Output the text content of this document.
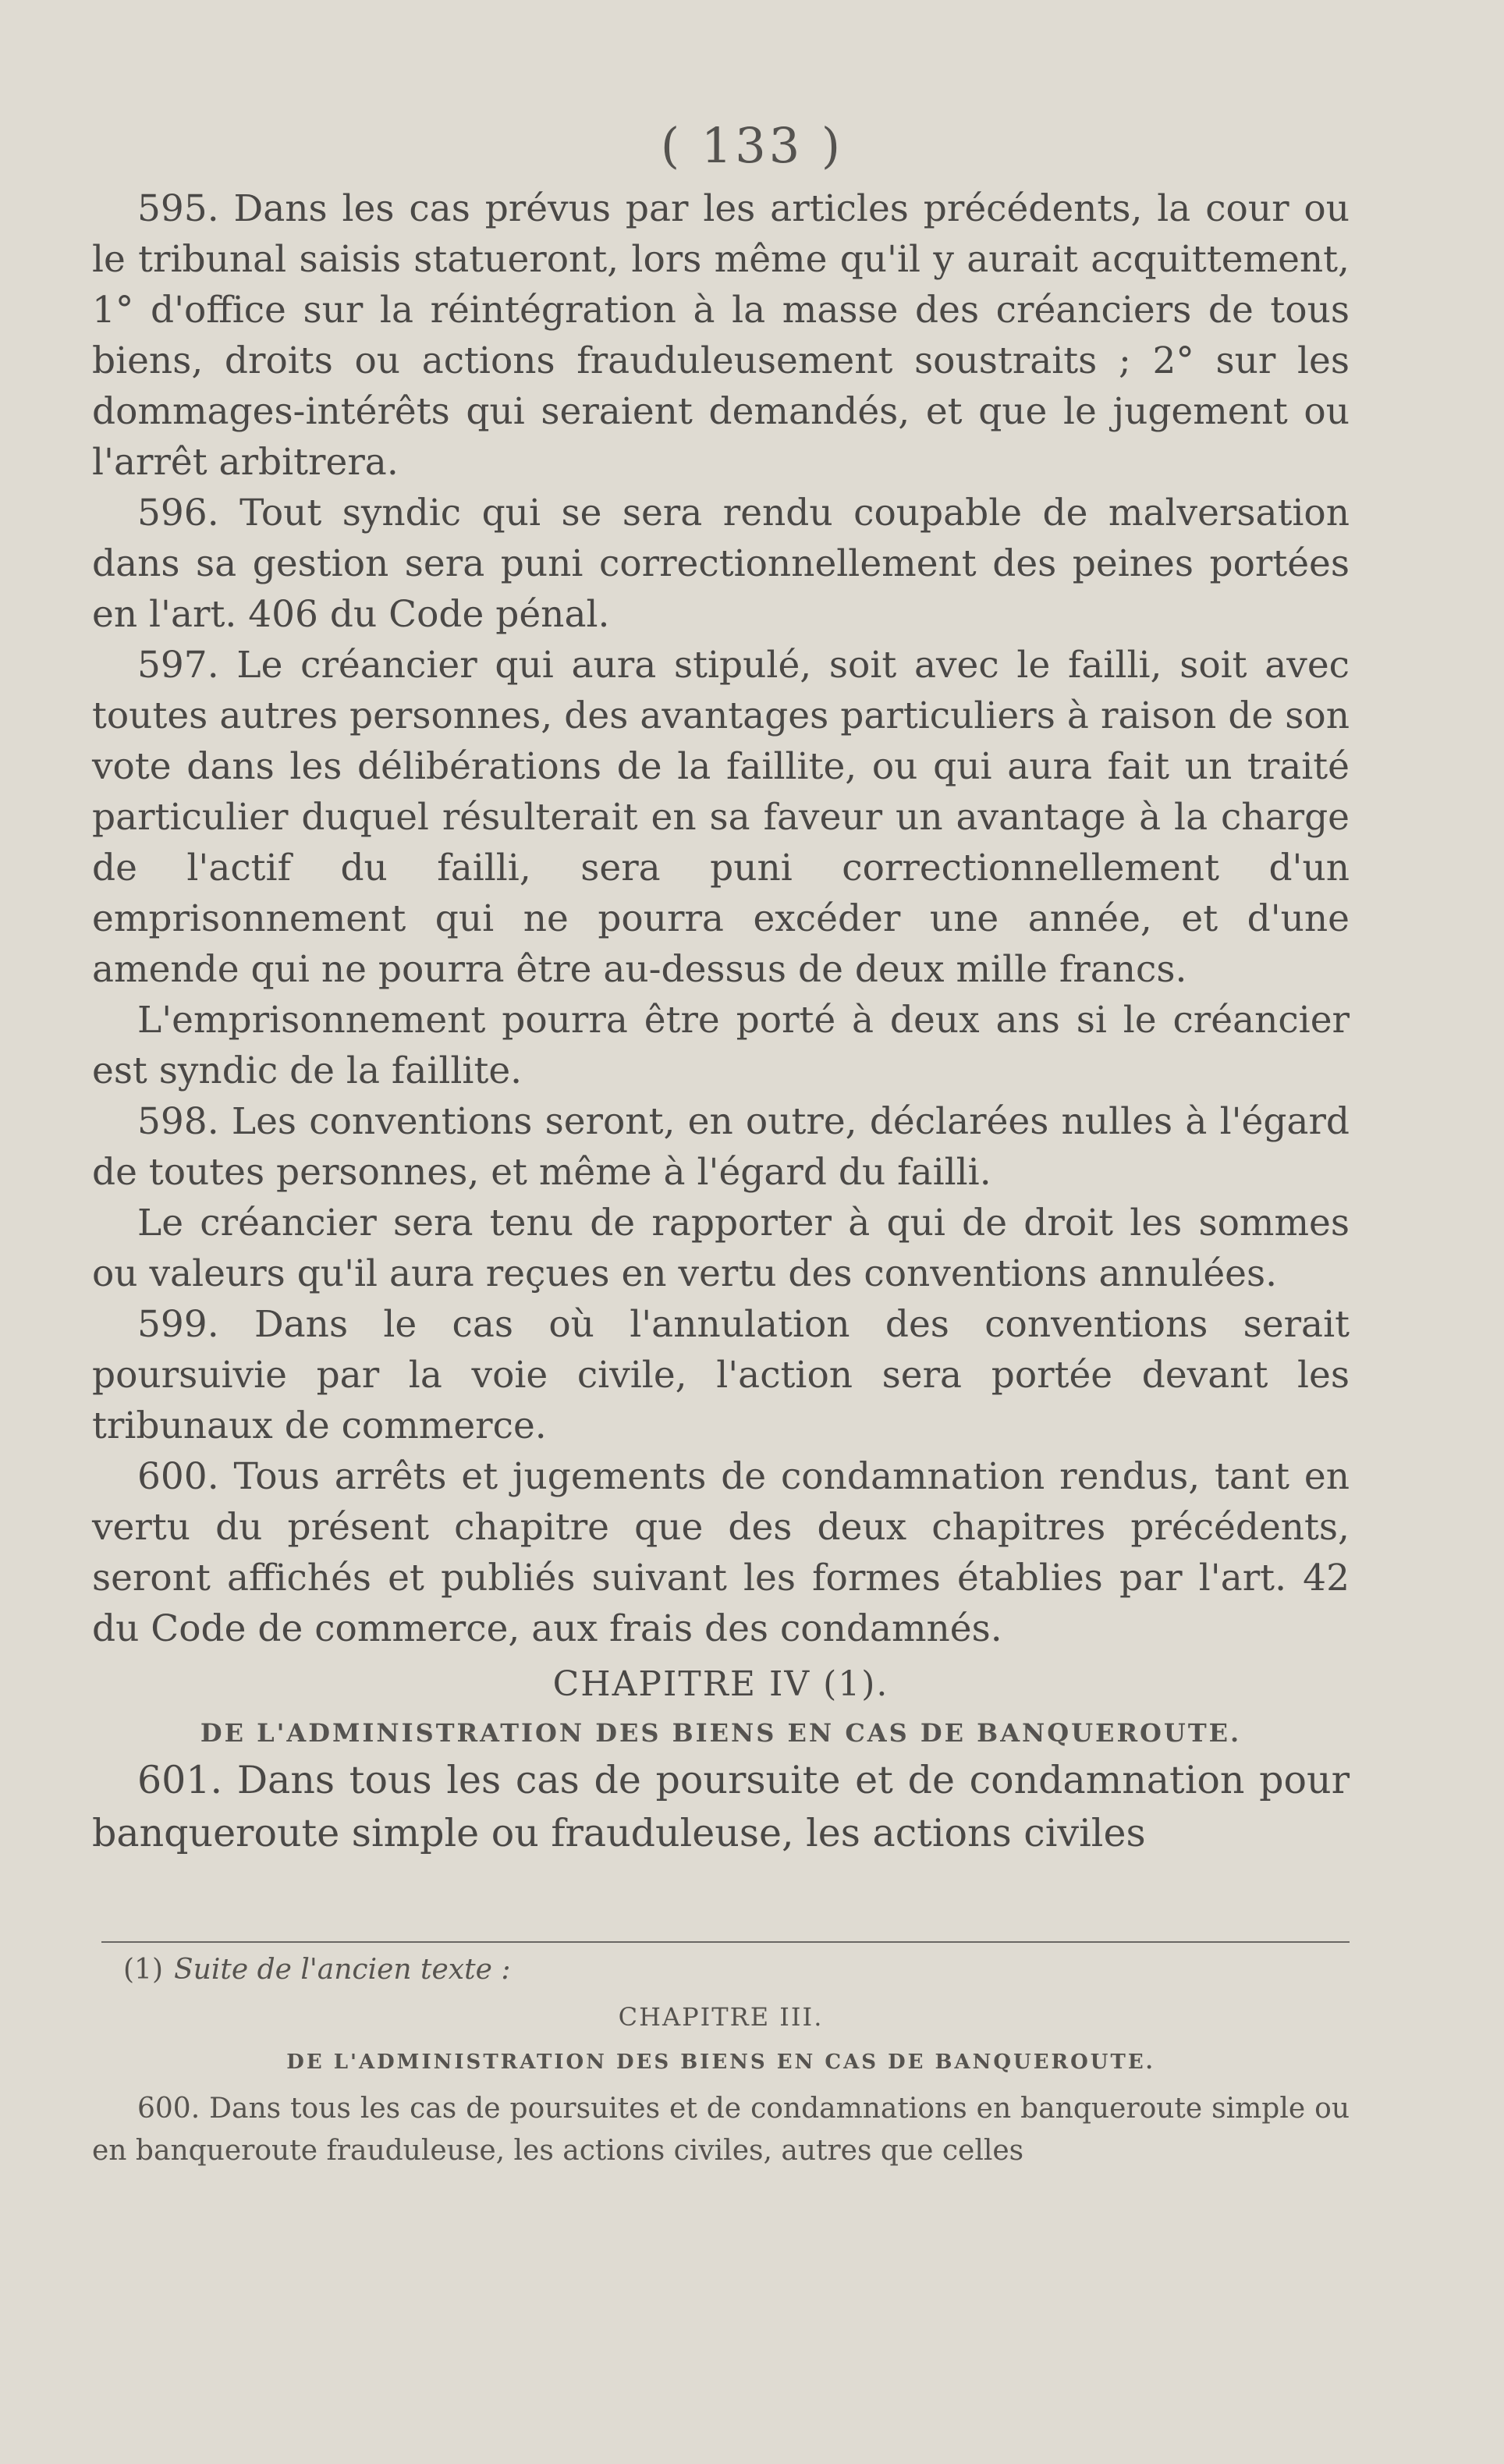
( 133 )

595. Dans les cas prévus par les articles précédents, la cour ou le tribunal saisis statueront, lors même qu'il y aurait acquittement, 1° d'office sur la réintégration à la masse des créanciers de tous biens, droits ou actions frauduleusement soustraits ; 2° sur les dommages-intérêts qui seraient demandés, et que le jugement ou l'arrêt arbitrera.

596. Tout syndic qui se sera rendu coupable de malversation dans sa gestion sera puni correctionnellement des peines portées en l'art. 406 du Code pénal.

597. Le créancier qui aura stipulé, soit avec le failli, soit avec toutes autres personnes, des avantages particuliers à raison de son vote dans les délibérations de la faillite, ou qui aura fait un traité particulier duquel résulterait en sa faveur un avantage à la charge de l'actif du failli, sera puni correctionnellement d'un emprisonnement qui ne pourra excéder une année, et d'une amende qui ne pourra être au-dessus de deux mille francs.

L'emprisonnement pourra être porté à deux ans si le créancier est syndic de la faillite.

598. Les conventions seront, en outre, déclarées nulles à l'égard de toutes personnes, et même à l'égard du failli.

Le créancier sera tenu de rapporter à qui de droit les sommes ou valeurs qu'il aura reçues en vertu des conventions annulées.

599. Dans le cas où l'annulation des conventions serait poursuivie par la voie civile, l'action sera portée devant les tribunaux de commerce.

600. Tous arrêts et jugements de condamnation rendus, tant en vertu du présent chapitre que des deux chapitres précédents, seront affichés et publiés suivant les formes établies par l'art. 42 du Code de commerce, aux frais des condamnés.

CHAPITRE IV (1).
DE L'ADMINISTRATION DES BIENS EN CAS DE BANQUEROUTE.

601. Dans tous les cas de poursuite et de condamnation pour banqueroute simple ou frauduleuse, les actions civiles

(1) Suite de l'ancien texte :
CHAPITRE III.
DE L'ADMINISTRATION DES BIENS EN CAS DE BANQUEROUTE.
600. Dans tous les cas de poursuites et de condamnations en banqueroute simple ou en banqueroute frauduleuse, les actions civiles, autres que celles
